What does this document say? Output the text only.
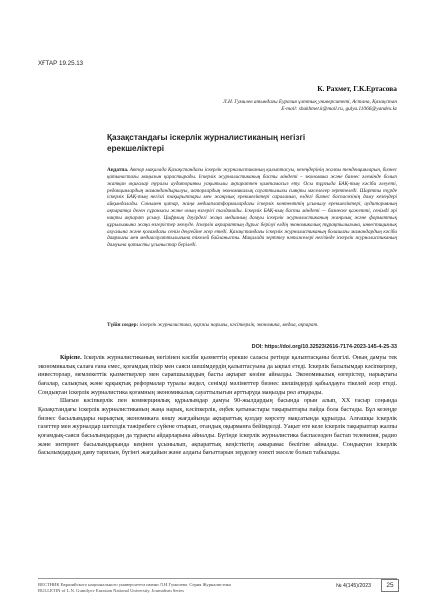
ХҒТАР 19.25.13
К. Рахмет, Г.К.Ертасова
Л.Н. Гумилев атындағы Еуразия ұлттық университеті, Астана, Қазақстан
E-mail: shakhmet.k@mail.ru, gulya.11066@yandex.kz
Қазақстандағы іскерлік журналистиканың негізгі ерекшеліктері
Аңдатпа. Автор мақалада Қазақстандағы іскерлік журналистиканың қалыптасуы, кезеңдерінің жалпы тенденцияларын, бизнес қатынастағы маңызын қарастырады. Іскерлік журналистиканың басты міндеті – экономика және бизнес әлемінде болып жатқан оқиғалар туралы аудиторияны уақытылы ақпаратпен қамтамасыз ету. Осы тұрғыда БАҚ-тың кәсіби әлеуеті, редакциялардың мамандандырылуы, авторлардың экономикалық сауаттылығы сияқты мәселелер зерттеледі. Шартты түрде іскерлік БАҚ-тың негізгі тақырыптары мен жанрлық ерекшеліктері сараланып, елдегі бизнес баспасөзінің даму кезеңдері айқындалады. Сонымен қатар, жаңа медиаплатформалардағы іскерлік контенттің ұсынылу ерекшеліктері, аудиторияның ақпаратқа деген сұранысы және оның өзгерісі талданады. Іскерлік БАҚ-ның басты міндеті — бизнеске қажетті, сенімді әрі нақты ақпарат ұсыну. Цифрлық дәуірдегі жаңа медианың дамуы іскерлік журналистиканың жанрлық және форматтық құрылымына жаңа өзгерістер әкелуде. Іскерлік ақпараттың дұрыс берілуі елдің экономикалық тұрақтылығына, инвестициялық ахуалына және қоғамдағы сенім деңгейіне әсер етеді. Қазақстандағы іскерлік журналистиканың болашағы мамандардың кәсіби даярлығы мен медиасауаттылығына тікелей байланысты. Мақалада зерттеу нәтижелері негізінде іскерлік журналистиканың дамуына қатысты ұсыныстар беріледі.
Түйін сөздер: іскерлік журналистика, қаржы нарығы, кәсіпкерлік, экономика, медиа, ақпарат.
DOI: https://doi.org/10.32523/2616-7174-2023-145-4-25-33

Кіріспе. Іскерлік журналистиканың негізінен кәсіби қызметтің ерекше саласы ретінде қалыптасқаны белгілі. Оның дамуы тек экономикалық салаға ғана емес, қоғамдық пікір мен саяси шешімдердің қалыптасуына да ықпал етеді. Іскерлік басылымдар кәсіпкерлер, инвесторлар, мемлекеттік қызметкерлер мен сарапшылардың басты ақпарат көзіне айналды. Экономикалық өзгерістер, нарықтағы бағалар, салықтық және құқықтық реформалар туралы жедел, сенімді мәліметтер бизнес шешімдерді қабылдауға тікелей әсер етеді. Сондықтан іскерлік журналистика қоғамның экономикалық сауаттылығын арттыруда маңызды рөл атқарады.

Шағын кәсіпкерлік пен коммерциялық құрылымдар дамуы 90-жылдардың басында орын алып, XX ғасыр соңында Қазақстандағы іскерлік журналистиканың жаңа нарық, кәсіпкерлік, еңбек қатынастары тақырыптары пайда бола бастады. Бұл кезеңде бизнес басылымдары нарықтық экономикаға көшу жағдайында ақпараттық қолдау көрсету мақсатында құрылды. Алғашқы іскерлік газеттер мен журналдар шетелдік тәжірибеге сүйене отырып, отандық оқырманға бейімделді. Уақыт өте келе іскерлік тақырыптар жалпы қоғамдық-саяси басылымдардың да тұрақты айдарларына айналды. Бүгінде іскерлік журналистика баспасөзден бастап телевизия, радио және интернет басылымдарында кеңінен ұсынылып, ақпараттық кеңістіктің ажырамас бөлігіне айналды. Сондықтан іскерлік басылымдардың даму тарихын, бүгінгі жағдайын және алдағы бағыттарын зерделеу өзекті мәселе болып табылады.

ВЕСТНИК Евразийского национального университета имени Л.Н.Гумилева. Серия Журналистика
BULLETIN of L.N. Gumilyov Eurasian National University. Journalism Series
№ 4(145)/2023	25
